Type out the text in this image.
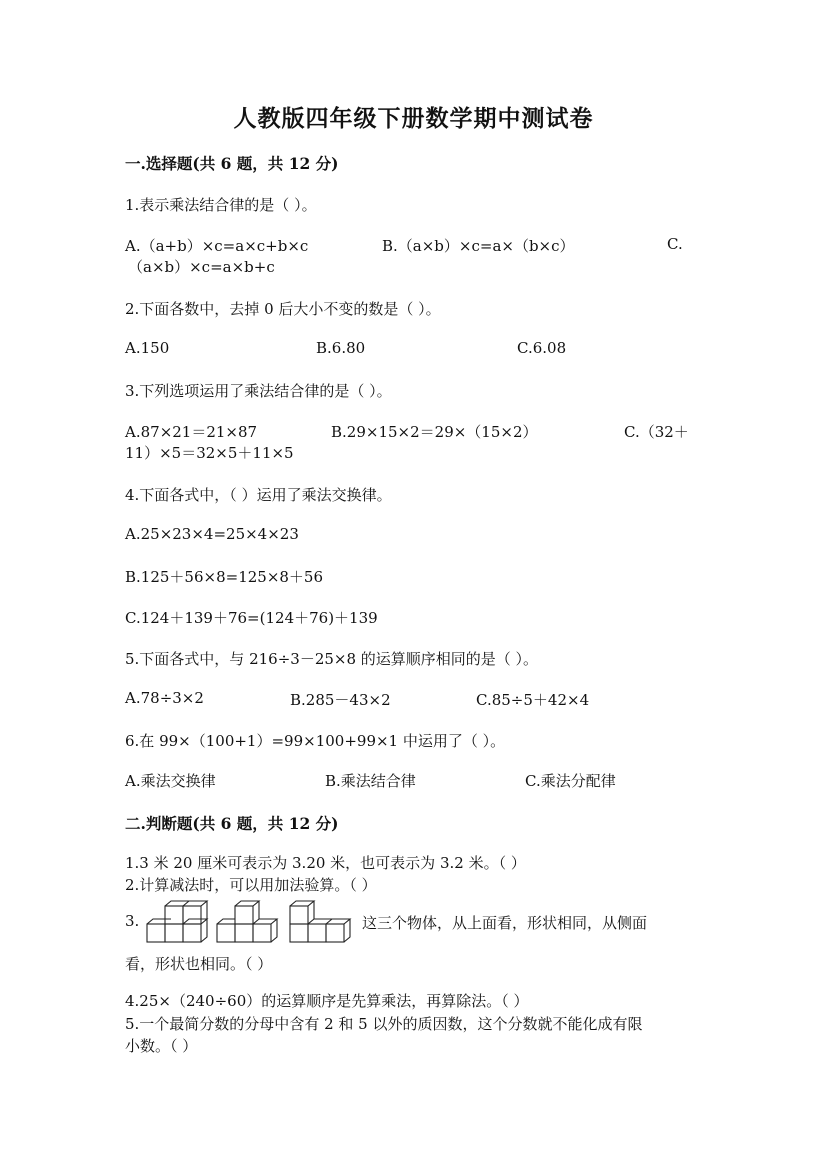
人教版四年级下册数学期中测试卷
一.选择题(共 6 题，共 12 分)
1.表示乘法结合律的是（ ）。
A.（a+b）×c=a×c+b×c	B.（a×b）×c=a×（b×c）	C.
（a×b）×c=a×b+c
2.下面各数中，去掉 0 后大小不变的数是（ ）。
A.150	B.6.80	C.6.08
3.下列选项运用了乘法结合律的是（ ）。
A.87×21＝21×87	B.29×15×2＝29×（15×2）	C.（32＋
11）×5＝32×5＋11×5
4.下面各式中，（ ）运用了乘法交换律。
A.25×23×4=25×4×23
B.125＋56×8=125×8＋56
C.124＋139＋76=(124＋76)＋139
5.下面各式中，与 216÷3－25×8 的运算顺序相同的是（ ）。
A.78÷3×2	B.285－43×2	C.85÷5＋42×4
6.在 99×（100+1）=99×100+99×1 中运用了（ ）。
A.乘法交换律	B.乘法结合律	C.乘法分配律
二.判断题(共 6 题，共 12 分)
1.3 米 20 厘米可表示为 3.20 米，也可表示为 3.2 米。（ ）
2.计算减法时，可以用加法验算。（ ）
3.	这三个物体，从上面看，形状相同，从侧面
看，形状也相同。（ ）
4.25×（240÷60）的运算顺序是先算乘法，再算除法。（ ）
5.一个最简分数的分母中含有 2 和 5 以外的质因数，这个分数就不能化成有限
小数。（ ）
